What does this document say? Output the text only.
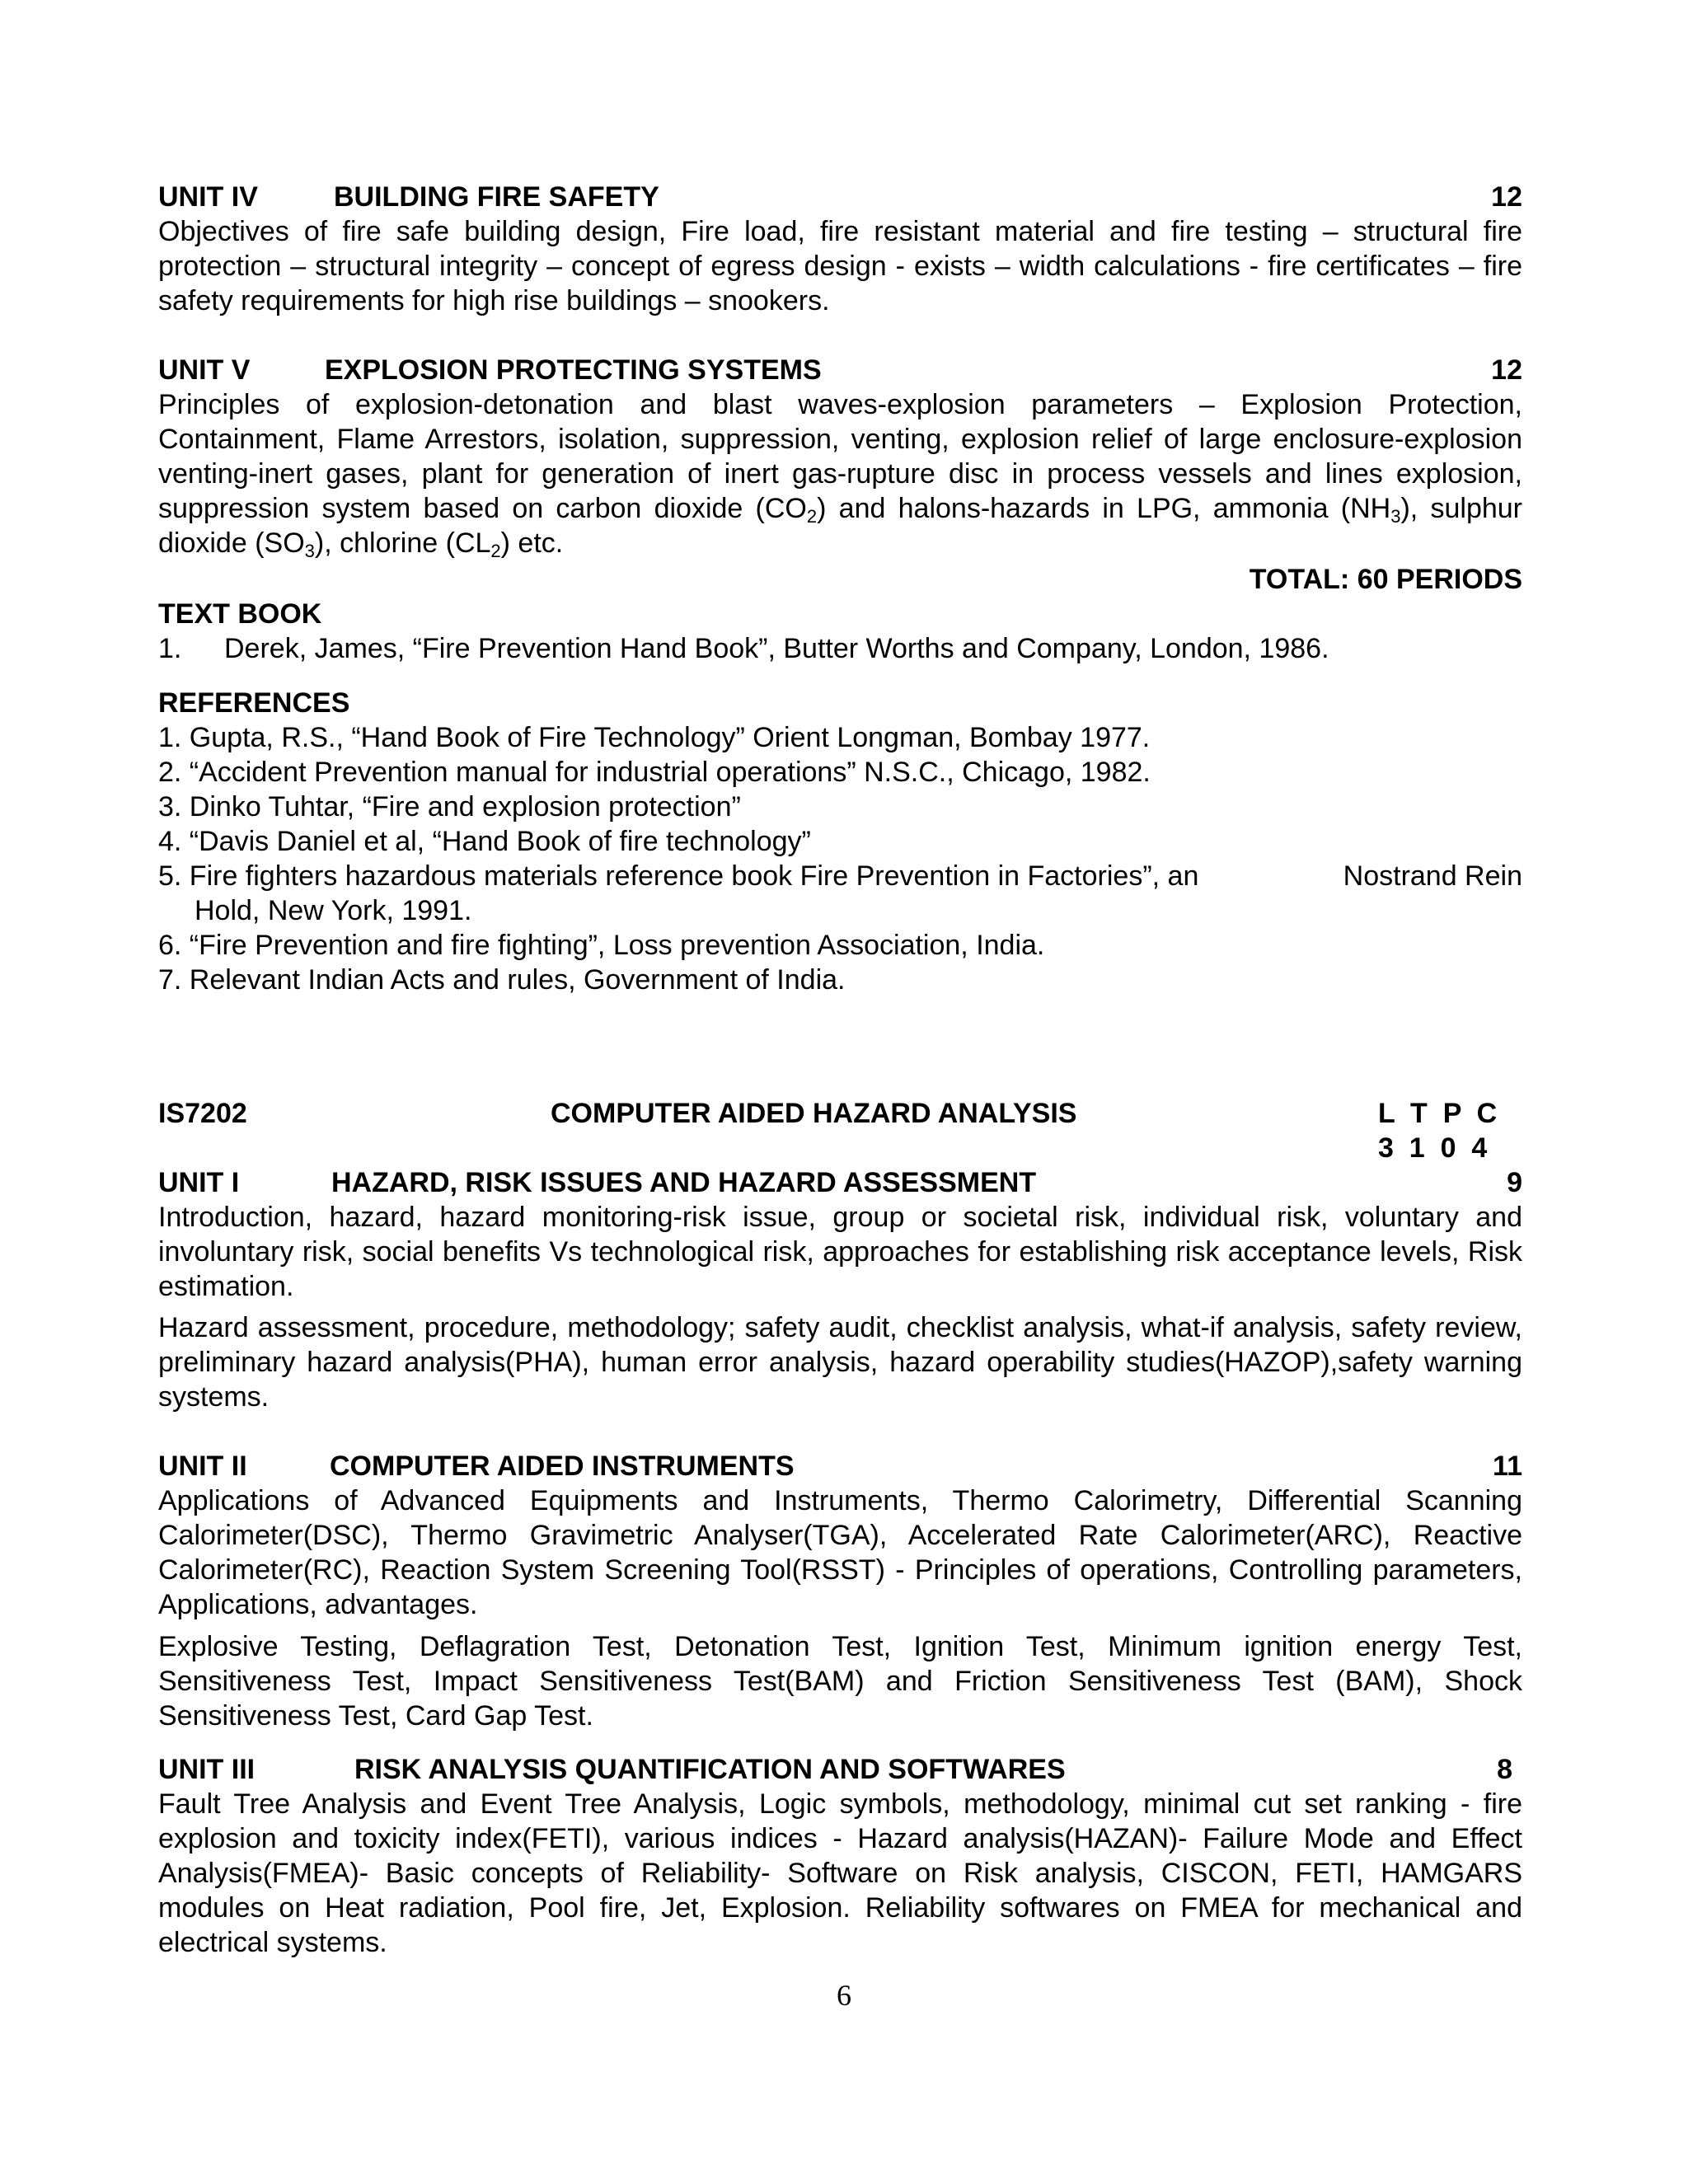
UNIT IV	BUILDING FIRE SAFETY	12
Objectives of fire safe building design, Fire load, fire resistant material and fire testing – structural fire protection – structural integrity – concept of egress design - exists – width calculations - fire certificates – fire safety requirements for high rise buildings – snookers.
UNIT V	EXPLOSION PROTECTING SYSTEMS	12
Principles of explosion-detonation and blast waves-explosion parameters – Explosion Protection, Containment, Flame Arrestors, isolation, suppression, venting, explosion relief of large enclosure-explosion venting-inert gases, plant for generation of inert gas-rupture disc in process vessels and lines explosion, suppression system based on carbon dioxide $(CO_2)$ and halons-hazards in LPG, ammonia $(NH_3)$, sulphur dioxide $(SO_3)$, chlorine $(CL_2)$ etc.
TOTAL: 60 PERIODS
TEXT BOOK
1. Derek, James, “Fire Prevention Hand Book”, Butter Worths and Company, London, 1986.
REFERENCES
1. Gupta, R.S., “Hand Book of Fire Technology” Orient Longman, Bombay 1977.
2. “Accident Prevention manual for industrial operations” N.S.C., Chicago, 1982.
3. Dinko Tuhtar, “Fire and explosion protection”
4. “Davis Daniel et al, “Hand Book of fire technology”
5. Fire fighters hazardous materials reference book Fire Prevention in Factories”, an	Nostrand Rein
Hold, New York, 1991.
6. “Fire Prevention and fire fighting”, Loss prevention Association, India.
7. Relevant Indian Acts and rules, Government of India.
IS7202	COMPUTER AIDED HAZARD ANALYSIS	L  T  P  C
3  1  0  4
UNIT I	HAZARD, RISK ISSUES AND HAZARD ASSESSMENT	9
Introduction, hazard, hazard monitoring-risk issue, group or societal risk, individual risk, voluntary and involuntary risk, social benefits Vs technological risk, approaches for establishing risk acceptance levels, Risk estimation.
Hazard assessment, procedure, methodology; safety audit, checklist analysis, what-if analysis, safety review, preliminary hazard analysis(PHA), human error analysis, hazard operability studies(HAZOP),safety warning systems.
UNIT II	COMPUTER AIDED INSTRUMENTS	11
Applications of Advanced Equipments and Instruments, Thermo Calorimetry, Differential Scanning Calorimeter(DSC), Thermo Gravimetric Analyser(TGA), Accelerated Rate Calorimeter(ARC), Reactive Calorimeter(RC), Reaction System Screening Tool(RSST) - Principles of operations, Controlling parameters, Applications, advantages.
Explosive Testing, Deflagration Test, Detonation Test, Ignition Test, Minimum ignition energy Test, Sensitiveness Test, Impact Sensitiveness Test(BAM) and Friction Sensitiveness Test (BAM), Shock Sensitiveness Test, Card Gap Test.
UNIT III	RISK ANALYSIS QUANTIFICATION AND SOFTWARES	8
Fault Tree Analysis and Event Tree Analysis, Logic symbols, methodology, minimal cut set ranking - fire explosion and toxicity index(FETI), various indices - Hazard analysis(HAZAN)- Failure Mode and Effect Analysis(FMEA)- Basic concepts of Reliability- Software on Risk analysis, CISCON, FETI, HAMGARS modules on Heat radiation, Pool fire, Jet, Explosion. Reliability softwares on FMEA for mechanical and electrical systems.
6
